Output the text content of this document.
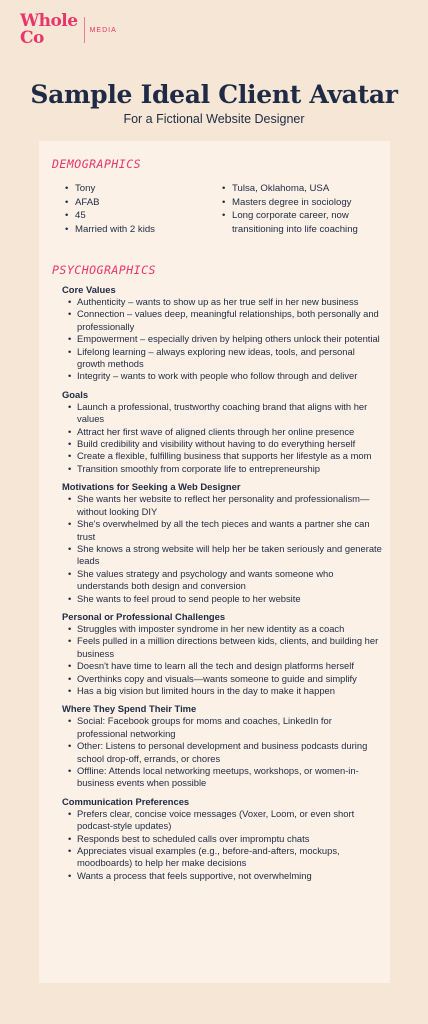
Whole
Co	MEDIA
Sample Ideal Client Avatar
For a Fictional Website Designer
DEMOGRAPHICS
• Tony
• AFAB
• 45
• Married with 2 kids
• Tulsa, Oklahoma, USA
• Masters degree in sociology
• Long corporate career, now transitioning into life coaching
PSYCHOGRAPHICS
Core Values
• Authenticity – wants to show up as her true self in her new business
• Connection – values deep, meaningful relationships, both personally and professionally
• Empowerment – especially driven by helping others unlock their potential
• Lifelong learning – always exploring new ideas, tools, and personal growth methods
• Integrity – wants to work with people who follow through and deliver
Goals
• Launch a professional, trustworthy coaching brand that aligns with her values
• Attract her first wave of aligned clients through her online presence
• Build credibility and visibility without having to do everything herself
• Create a flexible, fulfilling business that supports her lifestyle as a mom
• Transition smoothly from corporate life to entrepreneurship
Motivations for Seeking a Web Designer
• She wants her website to reflect her personality and professionalism—without looking DIY
• She's overwhelmed by all the tech pieces and wants a partner she can trust
• She knows a strong website will help her be taken seriously and generate leads
• She values strategy and psychology and wants someone who understands both design and conversion
• She wants to feel proud to send people to her website
Personal or Professional Challenges
• Struggles with imposter syndrome in her new identity as a coach
• Feels pulled in a million directions between kids, clients, and building her business
• Doesn't have time to learn all the tech and design platforms herself
• Overthinks copy and visuals—wants someone to guide and simplify
• Has a big vision but limited hours in the day to make it happen
Where They Spend Their Time
• Social: Facebook groups for moms and coaches, LinkedIn for professional networking
• Other: Listens to personal development and business podcasts during school drop-off, errands, or chores
• Offline: Attends local networking meetups, workshops, or women-in-business events when possible
Communication Preferences
• Prefers clear, concise voice messages (Voxer, Loom, or even short podcast-style updates)
• Responds best to scheduled calls over impromptu chats
• Appreciates visual examples (e.g., before-and-afters, mockups, moodboards) to help her make decisions
• Wants a process that feels supportive, not overwhelming
